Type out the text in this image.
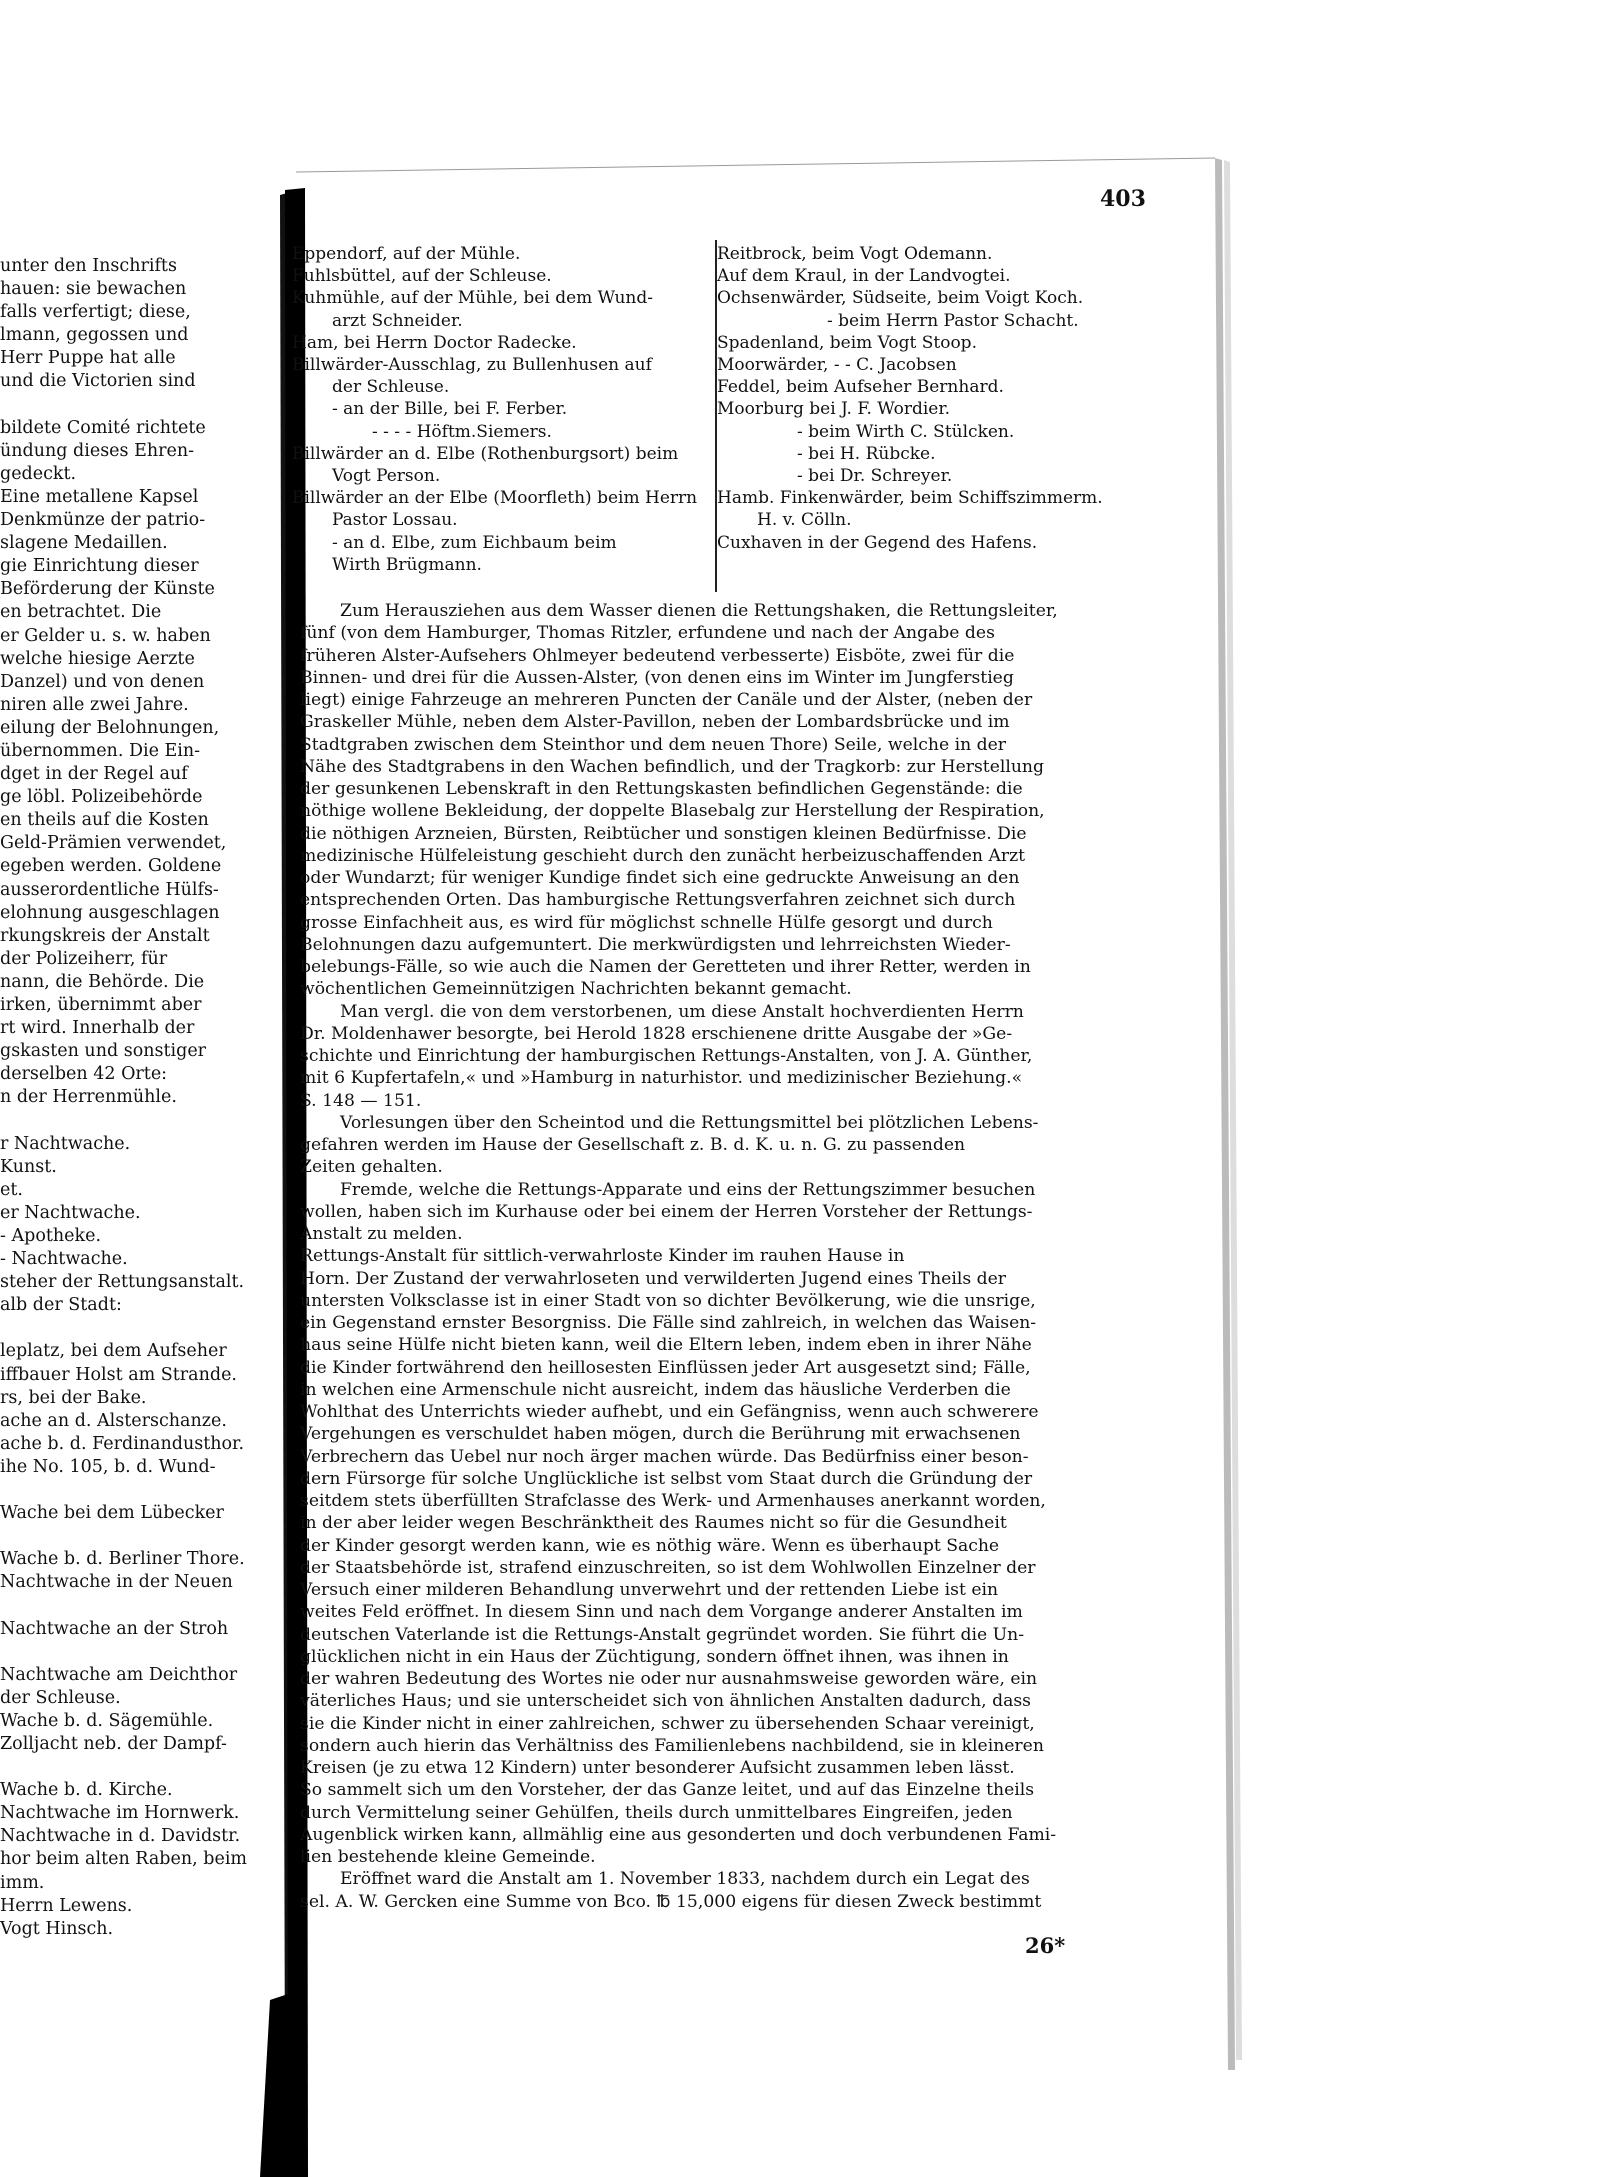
unter den Inschrifts
hauen: sie bewachen
falls verfertigt; diese,
lmann, gegossen und
Herr Puppe hat alle
und die Victorien sind

bildete Comité richtete
ündung dieses Ehren-
gedeckt.
Eine metallene Kapsel
Denkmünze der patrio-
slagene Medaillen.
gie Einrichtung dieser
Beförderung der Künste
en betrachtet. Die
er Gelder u. s. w. haben
welche hiesige Aerzte
Danzel) und von denen
niren alle zwei Jahre.
eilung der Belohnungen,
übernommen. Die Ein-
dget in der Regel auf
ge löbl. Polizeibehörde
en theils auf die Kosten
Geld-Prämien verwendet,
egeben werden. Goldene
ausserordentliche Hülfs-
elohnung ausgeschlagen
rkungskreis der Anstalt
der Polizeiherr, für
nann, die Behörde. Die
irken, übernimmt aber
rt wird. Innerhalb der
gskasten und sonstiger
derselben 42 Orte:
n der Herrenmühle.

r Nachtwache.
Kunst.
et.
er Nachtwache.
- Apotheke.
- Nachtwache.
steher der Rettungsanstalt.
alb der Stadt:

leplatz, bei dem Aufseher
iffbauer Holst am Strande.
rs, bei der Bake.
ache an d. Alsterschanze.
ache b. d. Ferdinandusthor.
ihe No. 105, b. d. Wund-

Wache bei dem Lübecker

Wache b. d. Berliner Thore.
Nachtwache in der Neuen

Nachtwache an der Stroh

Nachtwache am Deichthor
der Schleuse.
Wache b. d. Sägemühle.
Zolljacht neb. der Dampf-

Wache b. d. Kirche.
Nachtwache im Hornwerk.
Nachtwache in d. Davidstr.
hor beim alten Raben, beim
imm.
Herrn Lewens.
Vogt Hinsch.
403
Eppendorf, auf der Mühle.
Fuhlsbüttel, auf der Schleuse.
Kuhmühle, auf der Mühle, bei dem Wund-
arzt Schneider.
Ham, bei Herrn Doctor Radecke.
Billwärder-Ausschlag, zu Bullenhusen auf
der Schleuse.
- an der Bille, bei F. Ferber.
- - - - Höftm.Siemers.
Billwärder an d. Elbe (Rothenburgsort) beim
Vogt Person.
Billwärder an der Elbe (Moorfleth) beim Herrn
Pastor Lossau.
- an d. Elbe, zum Eichbaum beim
Wirth Brügmann.
Reitbrock, beim Vogt Odemann.
Auf dem Kraul, in der Landvogtei.
Ochsenwärder, Südseite, beim Voigt Koch.
- beim Herrn Pastor Schacht.
Spadenland, beim Vogt Stoop.
Moorwärder, - - C. Jacobsen
Feddel, beim Aufseher Bernhard.
Moorburg bei J. F. Wordier.
- beim Wirth C. Stülcken.
- bei H. Rübcke.
- bei Dr. Schreyer.
Hamb. Finkenwärder, beim Schiffszimmerm.
H. v. Cölln.
Cuxhaven in der Gegend des Hafens.
Zum Herausziehen aus dem Wasser dienen die Rettungshaken, die Rettungsleiter,
fünf (von dem Hamburger, Thomas Ritzler, erfundene und nach der Angabe des
früheren Alster-Aufsehers Ohlmeyer bedeutend verbesserte) Eisböte, zwei für die
Binnen- und drei für die Aussen-Alster, (von denen eins im Winter im Jungferstieg
liegt) einige Fahrzeuge an mehreren Puncten der Canäle und der Alster, (neben der
Graskeller Mühle, neben dem Alster-Pavillon, neben der Lombardsbrücke und im
Stadtgraben zwischen dem Steinthor und dem neuen Thore) Seile, welche in der
Nähe des Stadtgrabens in den Wachen befindlich, und der Tragkorb: zur Herstellung
der gesunkenen Lebenskraft in den Rettungskasten befindlichen Gegenstände: die
nöthige wollene Bekleidung, der doppelte Blasebalg zur Herstellung der Respiration,
die nöthigen Arzneien, Bürsten, Reibtücher und sonstigen kleinen Bedürfnisse. Die
medizinische Hülfeleistung geschieht durch den zunächt herbeizuschaffenden Arzt
oder Wundarzt; für weniger Kundige findet sich eine gedruckte Anweisung an den
entsprechenden Orten. Das hamburgische Rettungsverfahren zeichnet sich durch
grosse Einfachheit aus, es wird für möglichst schnelle Hülfe gesorgt und durch
Belohnungen dazu aufgemuntert. Die merkwürdigsten und lehrreichsten Wieder-
belebungs-Fälle, so wie auch die Namen der Geretteten und ihrer Retter, werden in
wöchentlichen Gemeinnützigen Nachrichten bekannt gemacht.
Man vergl. die von dem verstorbenen, um diese Anstalt hochverdienten Herrn
Dr. Moldenhawer besorgte, bei Herold 1828 erschienene dritte Ausgabe der »Ge-
schichte und Einrichtung der hamburgischen Rettungs-Anstalten, von J. A. Günther,
mit 6 Kupfertafeln,« und »Hamburg in naturhistor. und medizinischer Beziehung.«
S. 148 — 151.
Vorlesungen über den Scheintod und die Rettungsmittel bei plötzlichen Lebens-
gefahren werden im Hause der Gesellschaft z. B. d. K. u. n. G. zu passenden
Zeiten gehalten.
Fremde, welche die Rettungs-Apparate und eins der Rettungszimmer besuchen
wollen, haben sich im Kurhause oder bei einem der Herren Vorsteher der Rettungs-
Anstalt zu melden.
Rettungs-Anstalt für sittlich-verwahrloste Kinder im rauhen Hause in
Horn. Der Zustand der verwahrloseten und verwilderten Jugend eines Theils der
untersten Volksclasse ist in einer Stadt von so dichter Bevölkerung, wie die unsrige,
ein Gegenstand ernster Besorgniss. Die Fälle sind zahlreich, in welchen das Waisen-
haus seine Hülfe nicht bieten kann, weil die Eltern leben, indem eben in ihrer Nähe
die Kinder fortwährend den heillosesten Einflüssen jeder Art ausgesetzt sind; Fälle,
in welchen eine Armenschule nicht ausreicht, indem das häusliche Verderben die
Wohlthat des Unterrichts wieder aufhebt, und ein Gefängniss, wenn auch schwerere
Vergehungen es verschuldet haben mögen, durch die Berührung mit erwachsenen
Verbrechern das Uebel nur noch ärger machen würde. Das Bedürfniss einer beson-
dern Fürsorge für solche Unglückliche ist selbst vom Staat durch die Gründung der
seitdem stets überfüllten Strafclasse des Werk- und Armenhauses anerkannt worden,
in der aber leider wegen Beschränktheit des Raumes nicht so für die Gesundheit
der Kinder gesorgt werden kann, wie es nöthig wäre. Wenn es überhaupt Sache
der Staatsbehörde ist, strafend einzuschreiten, so ist dem Wohlwollen Einzelner der
Versuch einer milderen Behandlung unverwehrt und der rettenden Liebe ist ein
weites Feld eröffnet. In diesem Sinn und nach dem Vorgange anderer Anstalten im
deutschen Vaterlande ist die Rettungs-Anstalt gegründet worden. Sie führt die Un-
glücklichen nicht in ein Haus der Züchtigung, sondern öffnet ihnen, was ihnen in
der wahren Bedeutung des Wortes nie oder nur ausnahmsweise geworden wäre, ein
väterliches Haus; und sie unterscheidet sich von ähnlichen Anstalten dadurch, dass
sie die Kinder nicht in einer zahlreichen, schwer zu übersehenden Schaar vereinigt,
sondern auch hierin das Verhältniss des Familienlebens nachbildend, sie in kleineren
Kreisen (je zu etwa 12 Kindern) unter besonderer Aufsicht zusammen leben lässt.
So sammelt sich um den Vorsteher, der das Ganze leitet, und auf das Einzelne theils
durch Vermittelung seiner Gehülfen, theils durch unmittelbares Eingreifen, jeden
Augenblick wirken kann, allmählig eine aus gesonderten und doch verbundenen Fami-
lien bestehende kleine Gemeinde.
Eröffnet ward die Anstalt am 1. November 1833, nachdem durch ein Legat des
sel. A. W. Gercken eine Summe von Bco. ℔ 15,000 eigens für diesen Zweck bestimmt
26*
